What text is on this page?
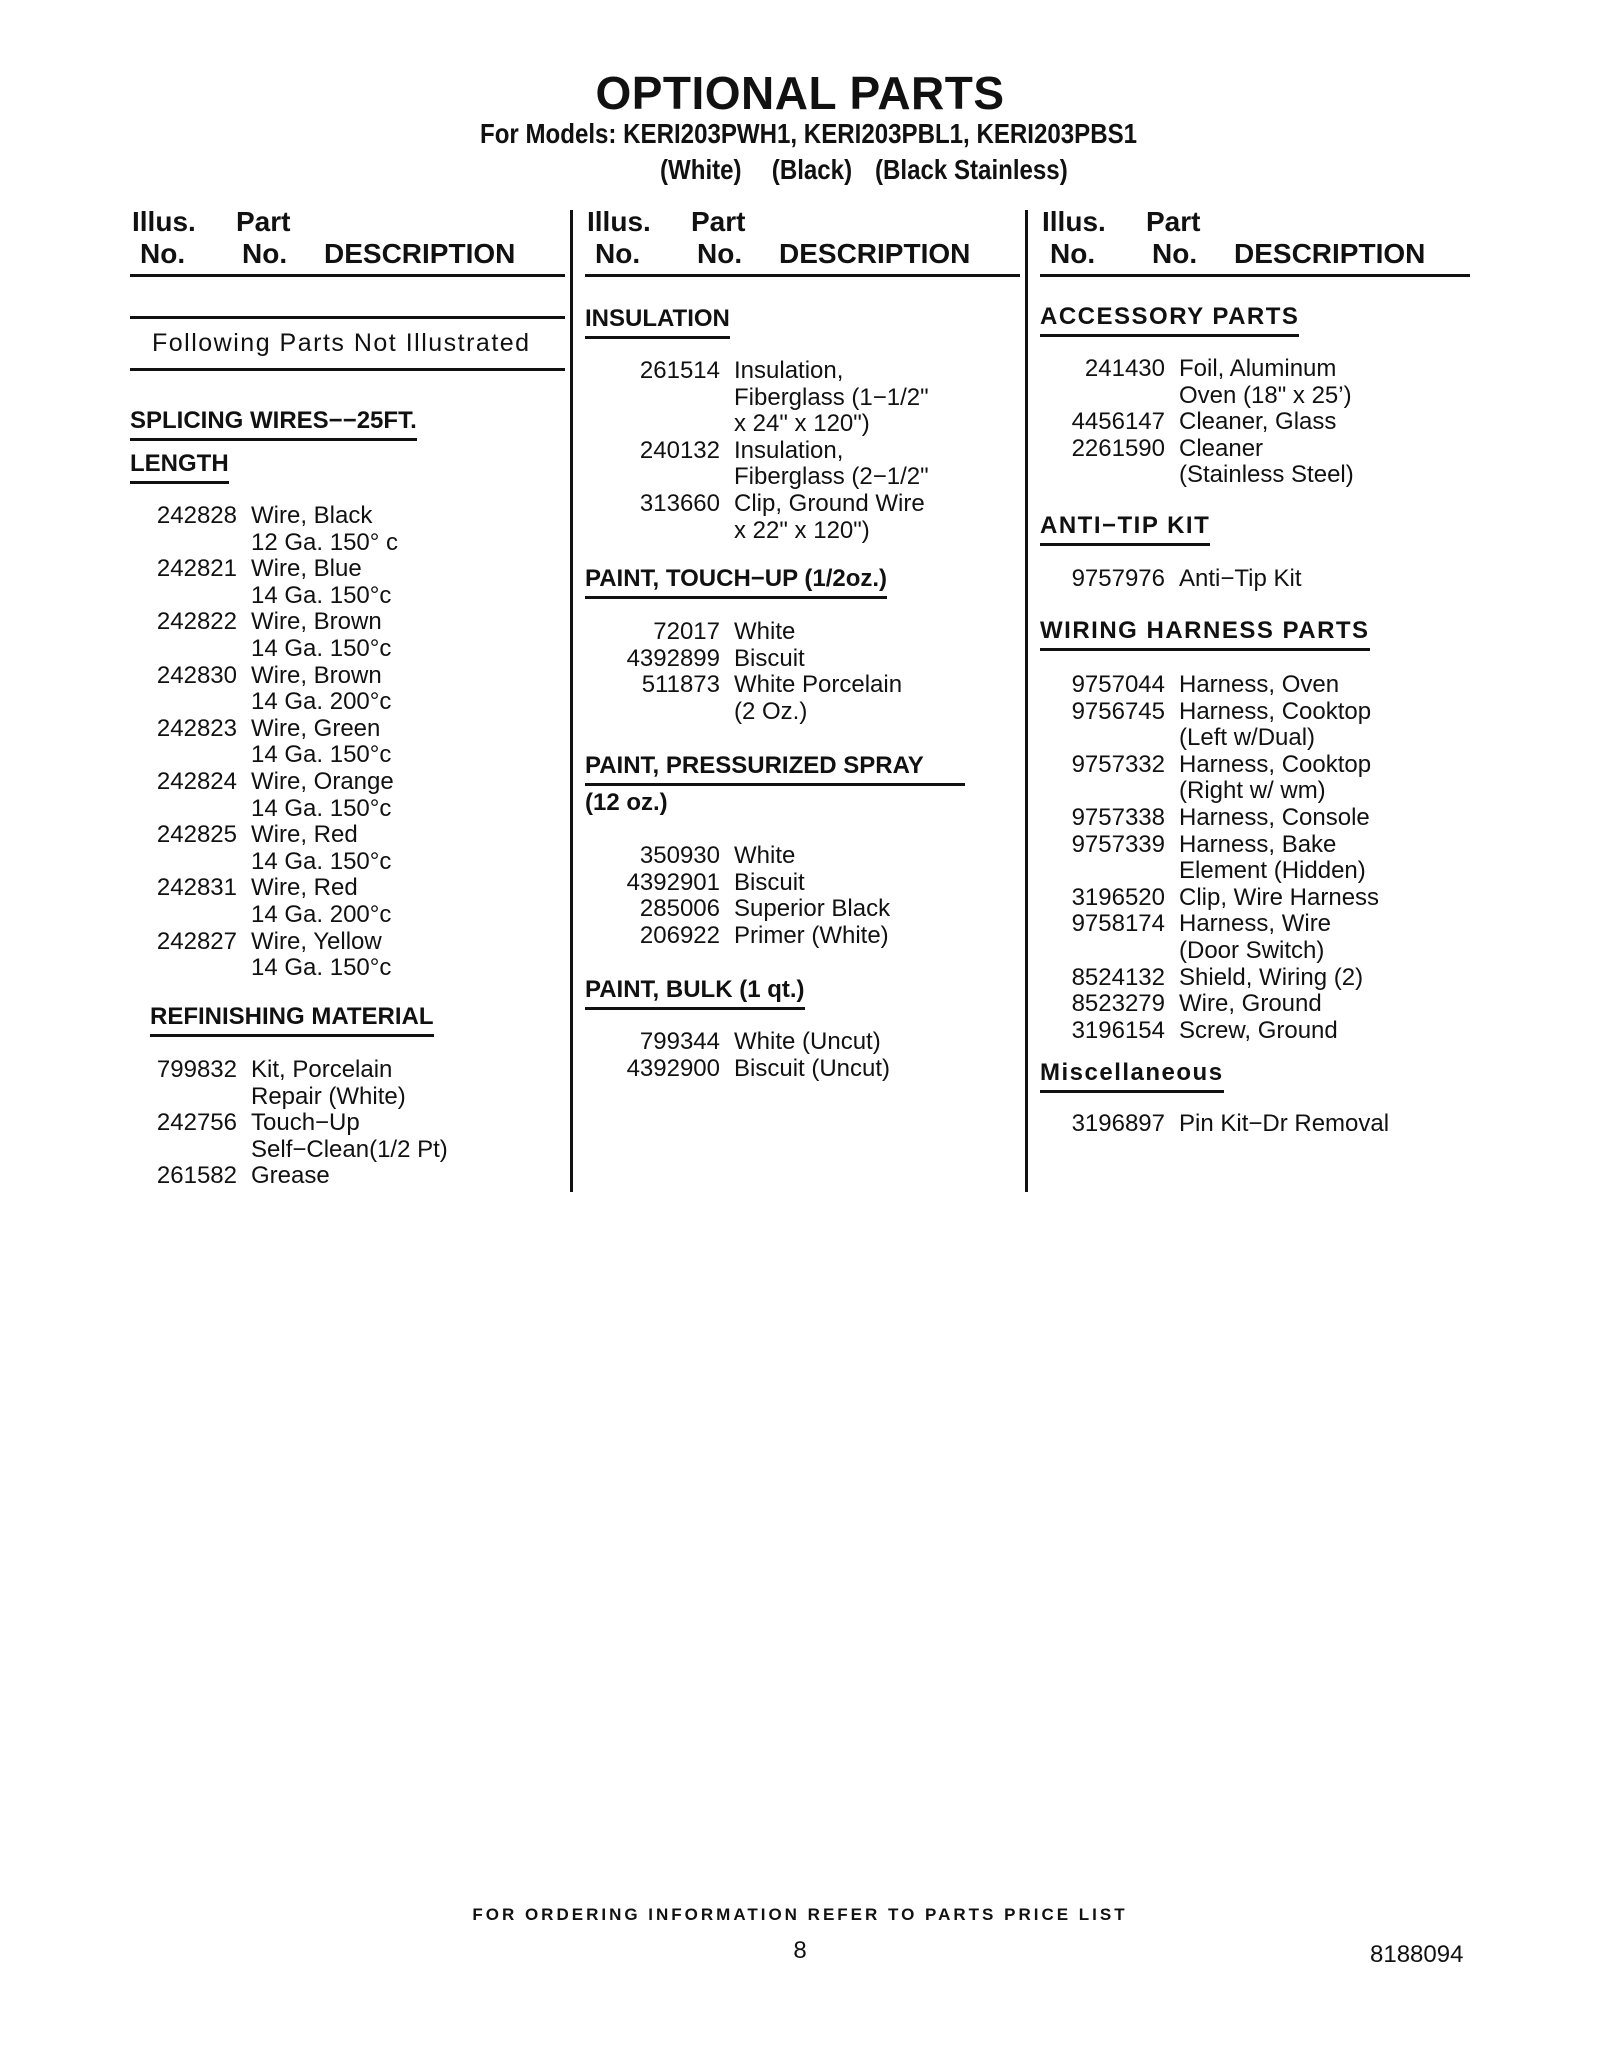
OPTIONAL PARTS
For Models: KERI203PWH1, KERI203PBL1, KERI203PBS1
(White) (Black) (Black Stainless)
Illus.
No.
Part
No. DESCRIPTION
Following Parts Not Illustrated
SPLICING WIRES−−25FT.
LENGTH
242828 Wire, Black
12 Ga. 150° c
242821 Wire, Blue
14 Ga. 150°c
242822 Wire, Brown
14 Ga. 150°c
242830 Wire, Brown
14 Ga. 200°c
242823 Wire, Green
14 Ga. 150°c
242824 Wire, Orange
14 Ga. 150°c
242825 Wire, Red
14 Ga. 150°c
242831 Wire, Red
14 Ga. 200°c
242827 Wire, Yellow
14 Ga. 150°c
REFINISHING MATERIAL
799832 Kit, Porcelain
Repair (White)
242756 Touch−Up
Self−Clean(1/2 Pt)
261582 Grease
Illus.
No.
Part
No. DESCRIPTION
INSULATION
261514 Insulation,
Fiberglass (1−1/2"
x 24" x 120")
240132 Insulation,
Fiberglass (2−1/2"
313660 Clip, Ground Wire
x 22" x 120")
PAINT, TOUCH−UP (1/2oz.)
72017 White
4392899 Biscuit
511873 White Porcelain
(2 Oz.)
PAINT, PRESSURIZED SPRAY
(12 oz.)
350930 White
4392901 Biscuit
285006 Superior Black
206922 Primer (White)
PAINT, BULK (1 qt.)
799344 White (Uncut)
4392900 Biscuit (Uncut)
Illus.
No.
Part
No. DESCRIPTION
ACCESSORY PARTS
241430 Foil, Aluminum
Oven (18" x 25’)
4456147 Cleaner, Glass
2261590 Cleaner
(Stainless Steel)
ANTI−TIP KIT
9757976 Anti−Tip Kit
WIRING HARNESS PARTS
9757044 Harness, Oven
9756745 Harness, Cooktop
(Left w/Dual)
9757332 Harness, Cooktop
(Right w/ wm)
9757338 Harness, Console
9757339 Harness, Bake
Element (Hidden)
3196520 Clip, Wire Harness
9758174 Harness, Wire
(Door Switch)
8524132 Shield, Wiring (2)
8523279 Wire, Ground
3196154 Screw, Ground
Miscellaneous
3196897 Pin Kit−Dr Removal
FOR ORDERING INFORMATION REFER TO PARTS PRICE LIST
8	8188094
